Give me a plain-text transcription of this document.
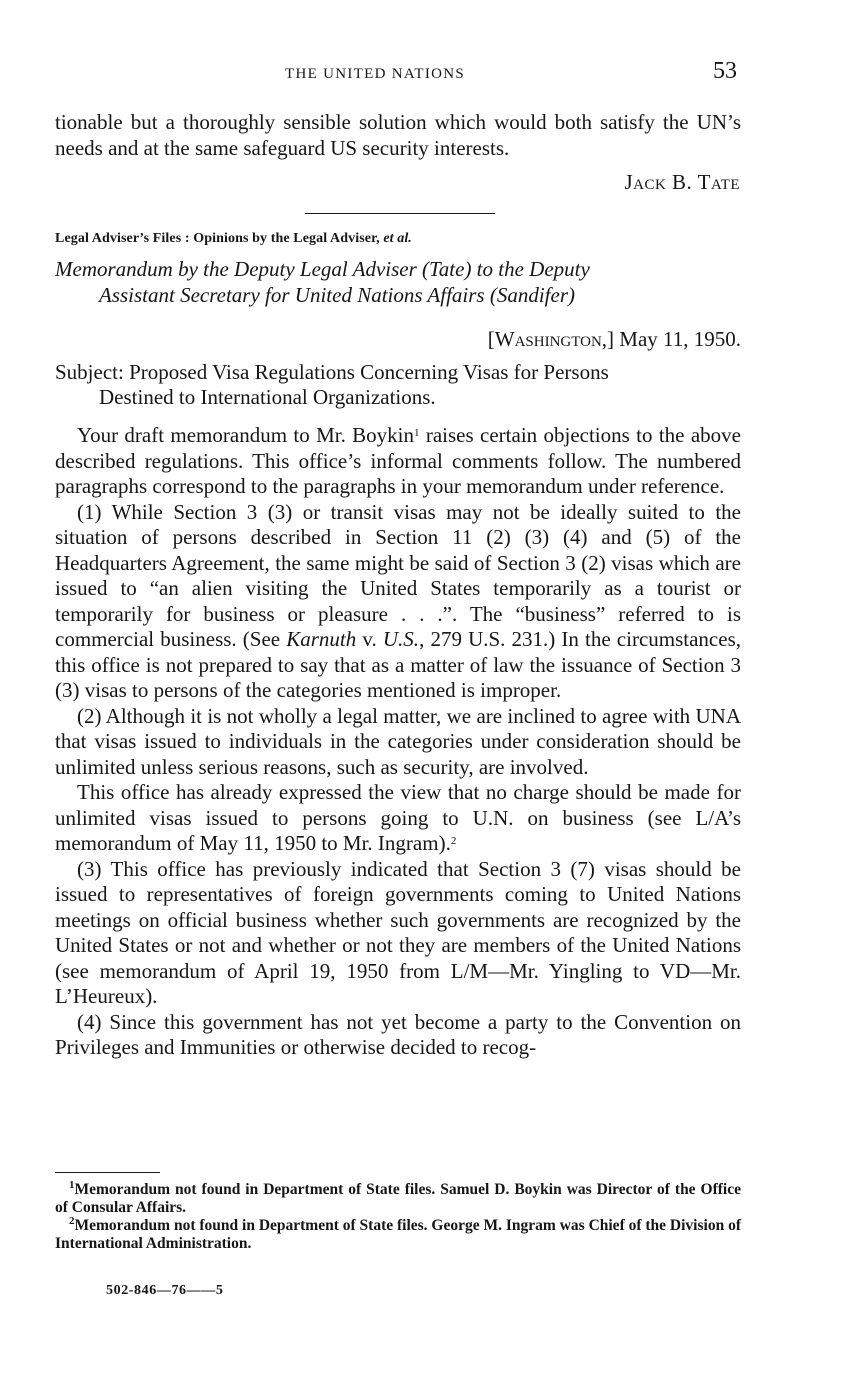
THE UNITED NATIONS	53
tionable but a thoroughly sensible solution which would both satisfy the UN’s needs and at the same safeguard US security interests.
Jack B. Tate
Legal Adviser’s Files : Opinions by the Legal Adviser, et al.
Memorandum by the Deputy Legal Adviser (Tate) to the Deputy
Assistant Secretary for United Nations Affairs (Sandifer)
[Washington,] May 11, 1950.
Subject: Proposed Visa Regulations Concerning Visas for Persons
Destined to International Organizations.

Your draft memorandum to Mr. Boykin$^1$ raises certain objections to the above described regulations. This office’s informal comments follow. The numbered paragraphs correspond to the paragraphs in your memorandum under reference.

(1) While Section 3 (3) or transit visas may not be ideally suited to the situation of persons described in Section 11 (2) (3) (4) and (5) of the Headquarters Agreement, the same might be said of Section 3 (2) visas which are issued to “an alien visiting the United States temporarily as a tourist or temporarily for business or pleasure . . .”. The “business” referred to is commercial business. (See Karnuth v. U.S., 279 U.S. 231.) In the circumstances, this office is not prepared to say that as a matter of law the issuance of Section 3 (3) visas to persons of the categories mentioned is improper.

(2) Although it is not wholly a legal matter, we are inclined to agree with UNA that visas issued to individuals in the categories under consideration should be unlimited unless serious reasons, such as security, are involved.

This office has already expressed the view that no charge should be made for unlimited visas issued to persons going to U.N. on business (see L/A’s memorandum of May 11, 1950 to Mr. Ingram).$^2$

(3) This office has previously indicated that Section 3 (7) visas should be issued to representatives of foreign governments coming to United Nations meetings on official business whether such governments are recognized by the United States or not and whether or not they are members of the United Nations (see memorandum of April 19, 1950 from L/M—Mr. Yingling to VD—Mr. L’Heureux).

(4) Since this government has not yet become a party to the Convention on Privileges and Immunities or otherwise decided to recog-

$^1$Memorandum not found in Department of State files. Samuel D. Boykin was Director of the Office of Consular Affairs.

$^2$Memorandum not found in Department of State files. George M. Ingram was Chief of the Division of International Administration.

502-846—76——5
